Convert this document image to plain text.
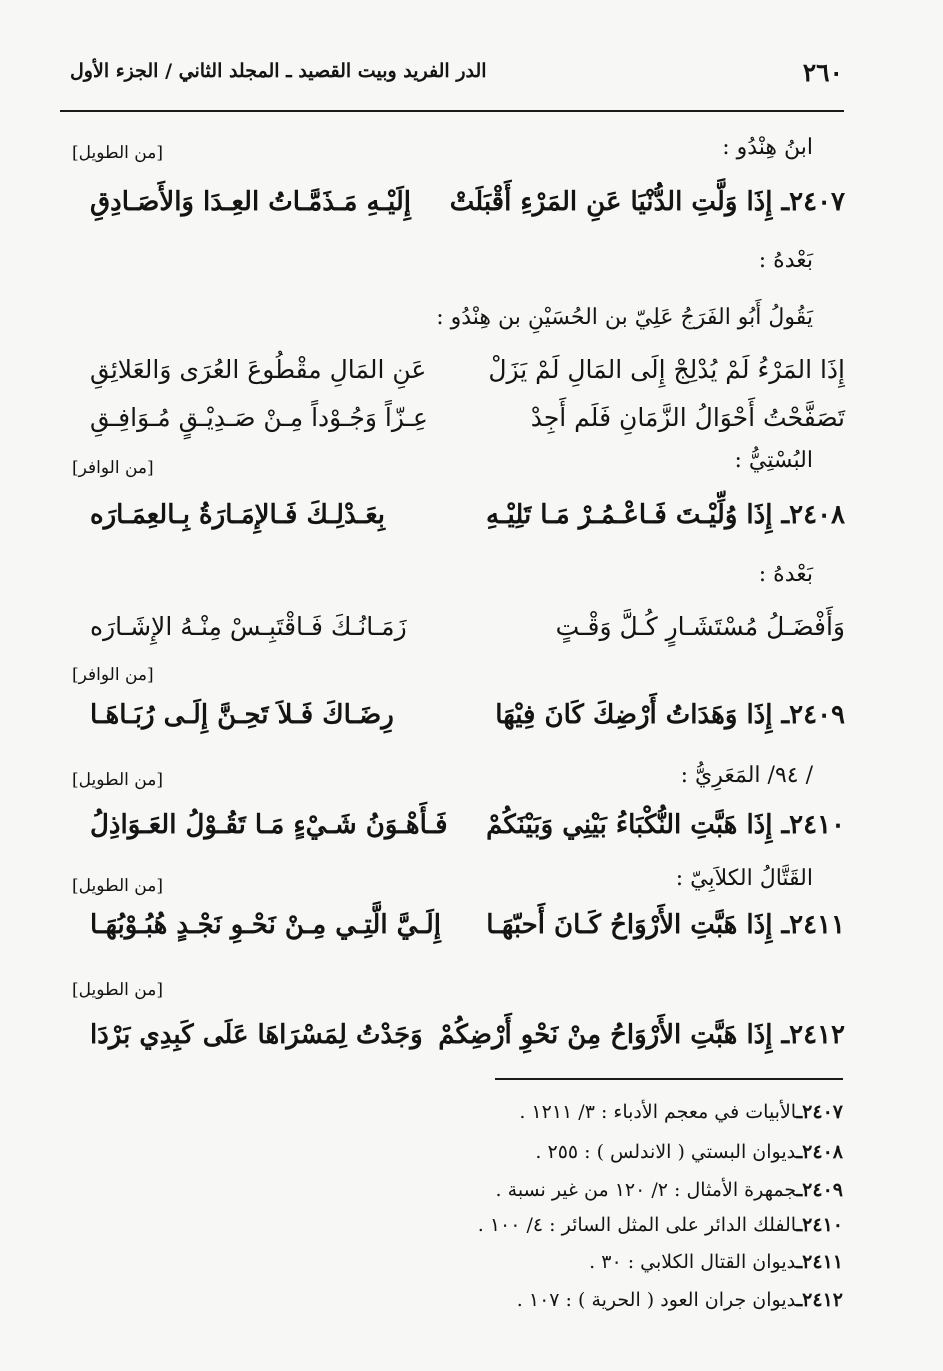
٢٦٠
الدر الفريد وبيت القصيد ـ المجلد الثاني / الجزء الأول
ابنُ هِنْدُو :
[من الطويل]
٢٤٠٧ـ إِذَا وَلَّتِ الدُّنْيَا عَنِ المَرْءِ أَقْبَلَتْ
إِلَيْـهِ مَـذَمَّـاتُ العِـدَا وَالأَصَـادِقِ
بَعْدهُ :
يَقُولُ أَبُو الفَرَجُ عَلِيّ بن الحُسَيْنِ بن هِنْدُو :
إِذَا المَرْءُ لَمْ يُدْلِجْ إِلَى المَالِ لَمْ يَزَلْ
عَنِ المَالِ مقْطُوعَ العُرَى وَالعَلائِقِ
تَصَفَّحْتُ أَحْوَالُ الزَّمَانِ فَلَم أَجِدْ
عِـزّاً وَجُـوْداً مِـنْ صَـدِيْـقٍ مُـوَافِـقِ
البُسْتِيُّ :
[من الوافر]
٢٤٠٨ـ إِذَا وُلِّيْـتَ فَـاعْـمُـرْ مَـا تَلِيْـهِ
بِعَـدْلِـكَ فَـالإِمَـارَةُ بِـالعِمَـارَه
بَعْدهُ :
وَأَفْضَـلُ مُسْتَشَـارٍ كُـلَّ وَقْـتٍ
زَمَـانُـكَ فَـاقْتَبِـسْ مِنْـهُ الإِشَـارَه
[من الوافر]
٢٤٠٩ـ إِذَا وَهَدَاتُ أَرْضِكَ كَانَ فِيْهَا
رِضَـاكَ فَـلاَ تَحِـنَّ إِلَـى رُبَـاهَـا
/ ٩٤/ المَعَرِيُّ :
[من الطويل]
٢٤١٠ـ إِذَا هَبَّتِ النُّكْبَاءُ بَيْنِي وَبَيْنَكُمْ
فَـأَهْـوَنُ شَـيْءٍ مَـا تَقُـوْلُ العَـوَاذِلُ
القَتَّالُ الكلاَبِيّ :
[من الطويل]
٢٤١١ـ إِذَا هَبَّتِ الأَرْوَاحُ كَـانَ أَحبّهَـا
إِلَـيَّ الَّتِـي مِـنْ نَحْـوِ نَجْـدٍ هُبُـوْبُهَـا
[من الطويل]
٢٤١٢ـ إِذَا هَبَّتِ الأَرْوَاحُ مِنْ نَحْوِ أَرْضِكُمْ
وَجَدْتُ لِمَسْرَاهَا عَلَى كَبِدِي بَرْدَا
٢٤٠٧ـالأبيات في معجم الأدباء : ٣/ ١٢١١ .
٢٤٠٨ـديوان البستي ( الاندلس ) : ٢٥٥ .
٢٤٠٩ـجمهرة الأمثال : ٢/ ١٢٠ من غير نسبة .
٢٤١٠ـالفلك الدائر على المثل السائر : ٤/ ١٠٠ .
٢٤١١ـديوان القتال الكلابي : ٣٠ .
٢٤١٢ـديوان جران العود ( الحرية ) : ١٠٧ .
